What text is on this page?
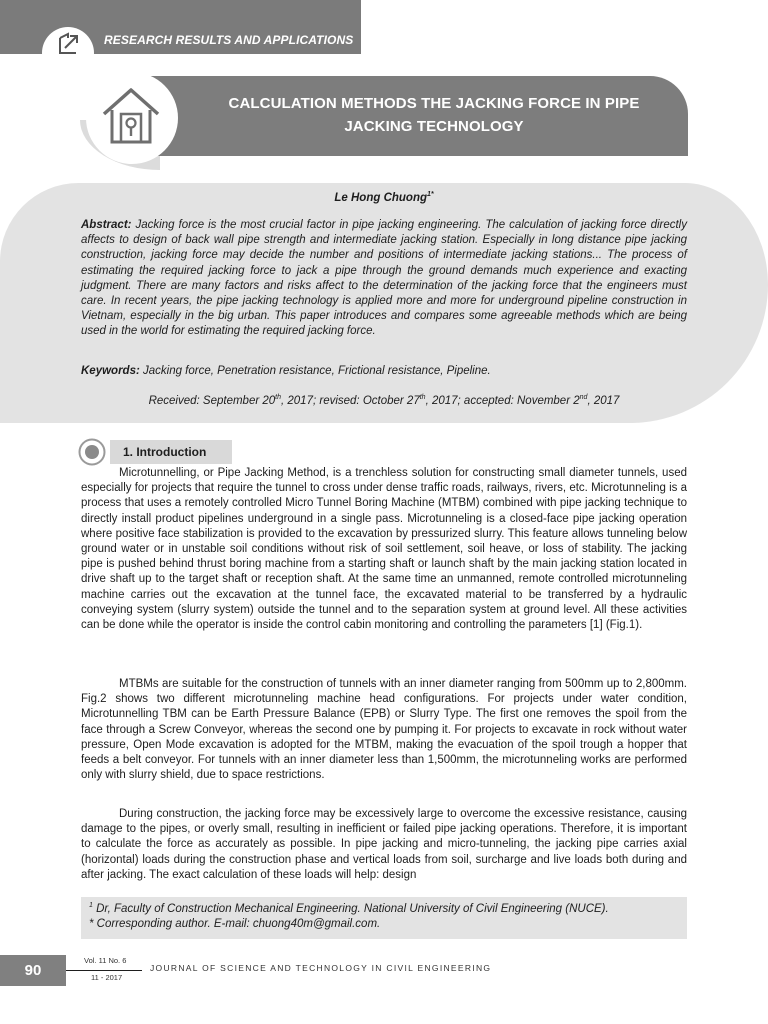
RESEARCH RESULTS AND APPLICATIONS
CALCULATION METHODS THE JACKING FORCE IN PIPE
JACKING TECHNOLOGY
Le Hong Chuong$^{1*}$

Abstract: Jacking force is the most crucial factor in pipe jacking engineering. The calculation of jacking force directly affects to design of back wall pipe strength and intermediate jacking station. Especially in long distance pipe jacking construction, jacking force may decide the number and positions of intermediate jacking stations... The process of estimating the required jacking force to jack a pipe through the ground demands much experience and exacting judgment. There are many factors and risks affect to the determination of the jacking force that the engineers must care. In recent years, the pipe jacking technology is applied more and more for underground pipeline construction in Vietnam, especially in the big urban. This paper introduces and compares some agreeable methods which are being used in the world for estimating the required jacking force.

Keywords: Jacking force, Penetration resistance, Frictional resistance, Pipeline.

Received: September 20th, 2017; revised: October 27th, 2017; accepted: November 2nd, 2017
1. Introduction

Microtunnelling, or Pipe Jacking Method, is a trenchless solution for constructing small diameter tunnels, used especially for projects that require the tunnel to cross under dense traffic roads, railways, rivers, etc. Microtunneling is a process that uses a remotely controlled Micro Tunnel Boring Machine (MTBM) combined with pipe jacking technique to directly install product pipelines underground in a single pass. Microtunneling is a closed-face pipe jacking operation where positive face stabilization is provided to the excavation by pressurized slurry. This feature allows tunneling below ground water or in unstable soil conditions without risk of soil settlement, soil heave, or loss of stability. The jacking pipe is pushed behind thrust boring machine from a starting shaft or launch shaft by the main jacking station located in drive shaft up to the target shaft or reception shaft. At the same time an unmanned, remote controlled microtunneling machine carries out the excavation at the tunnel face, the excavated material to be transferred by a hydraulic conveying system (slurry system) outside the tunnel and to the separation system at ground level. All these activities can be done while the operator is inside the control cabin monitoring and controlling the parameters [1] (Fig.1).

MTBMs are suitable for the construction of tunnels with an inner diameter ranging from 500mm up to 2,800mm. Fig.2 shows two different microtunneling machine head configurations. For projects under water condition, Microtunnelling TBM can be Earth Pressure Balance (EPB) or Slurry Type. The first one removes the spoil from the face through a Screw Conveyor, whereas the second one by pumping it. For projects to excavate in rock without water pressure, Open Mode excavation is adopted for the MTBM, making the evacuation of the spoil trough a hopper that feeds a belt conveyor. For tunnels with an inner diameter less than 1,500mm, the microtunneling works are performed only with slurry shield, due to space restrictions.

During construction, the jacking force may be excessively large to overcome the excessive resistance, causing damage to the pipes, or overly small, resulting in inefficient or failed pipe jacking operations. Therefore, it is important to calculate the force as accurately as possible. In pipe jacking and micro-tunneling, the jacking pipe carries axial (horizontal) loads during the construction phase and vertical loads from soil, surcharge and live loads both during and after jacking. The exact calculation of these loads will help: design

$^1$ Dr, Faculty of Construction Mechanical Engineering. National University of Civil Engineering (NUCE).
* Corresponding author. E-mail: chuong40m@gmail.com.
90
Vol. 11 No. 6
11 - 2017
JOURNAL OF SCIENCE AND TECHNOLOGY IN CIVIL ENGINEERING
